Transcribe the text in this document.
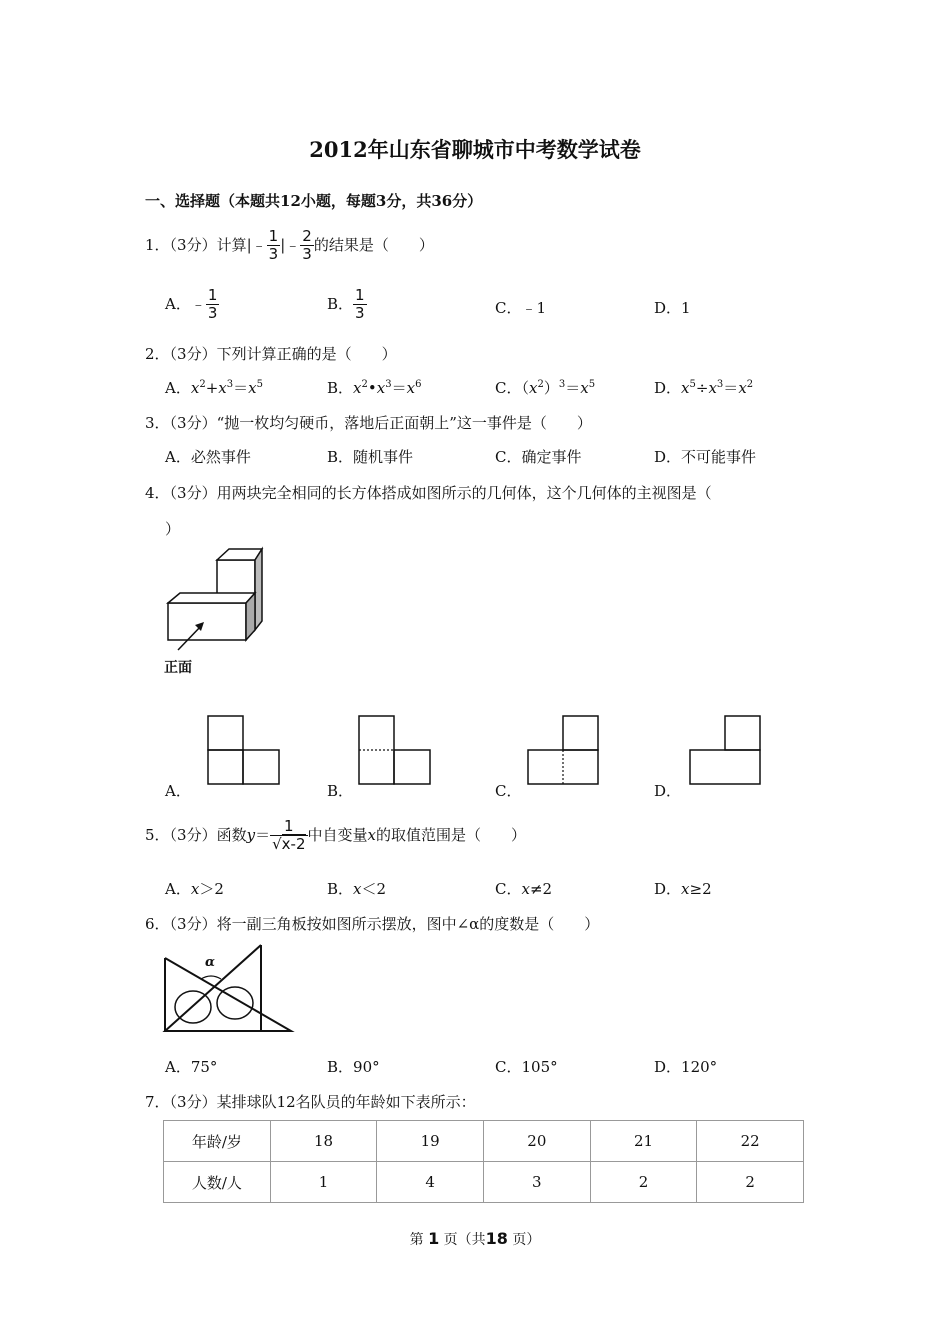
2012年山东省聊城市中考数学试卷
一、选择题（本题共12小题，每题3分，共36分）
1．（3分）计算|﹣ $\frac{1}{3}$ |﹣ $\frac{2}{3}$ 的结果是（　　）
A．﹣ $\frac{1}{3}$	B． $\frac{1}{3}$	C．﹣1	D．1
2．（3分）下列计算正确的是（　　）
A．$x^2+x^3=x^5$	B．$x^2•x^3=x^6$	C．$(x^2)^3=x^5$	D．$x^5\div x^3=x^2$
3．（3分）“抛一枚均匀硬币，落地后正面朝上”这一事件是（　　）
A．必然事件	B．随机事件	C．确定事件	D．不可能事件
4．（3分）用两块完全相同的长方体搭成如图所示的几何体，这个几何体的主视图是（
）
正面
A．	B．	C．	D．
5．（3分）函数$y= \frac{1}{√x-2}$ 中自变量x的取值范围是（　　）
A．x＞2	B．x＜2	C．x≠2	D．x≥2
6．（3分）将一副三角板按如图所示摆放，图中∠α的度数是（　　）
α
A．75°	B．90°	C．105°	D．120°
7．（3分）某排球队12名队员的年龄如下表所示：
年龄/岁	18	19	20	21	22
人数/人	1	4	3	2	2
第 1 页（共18 页）
